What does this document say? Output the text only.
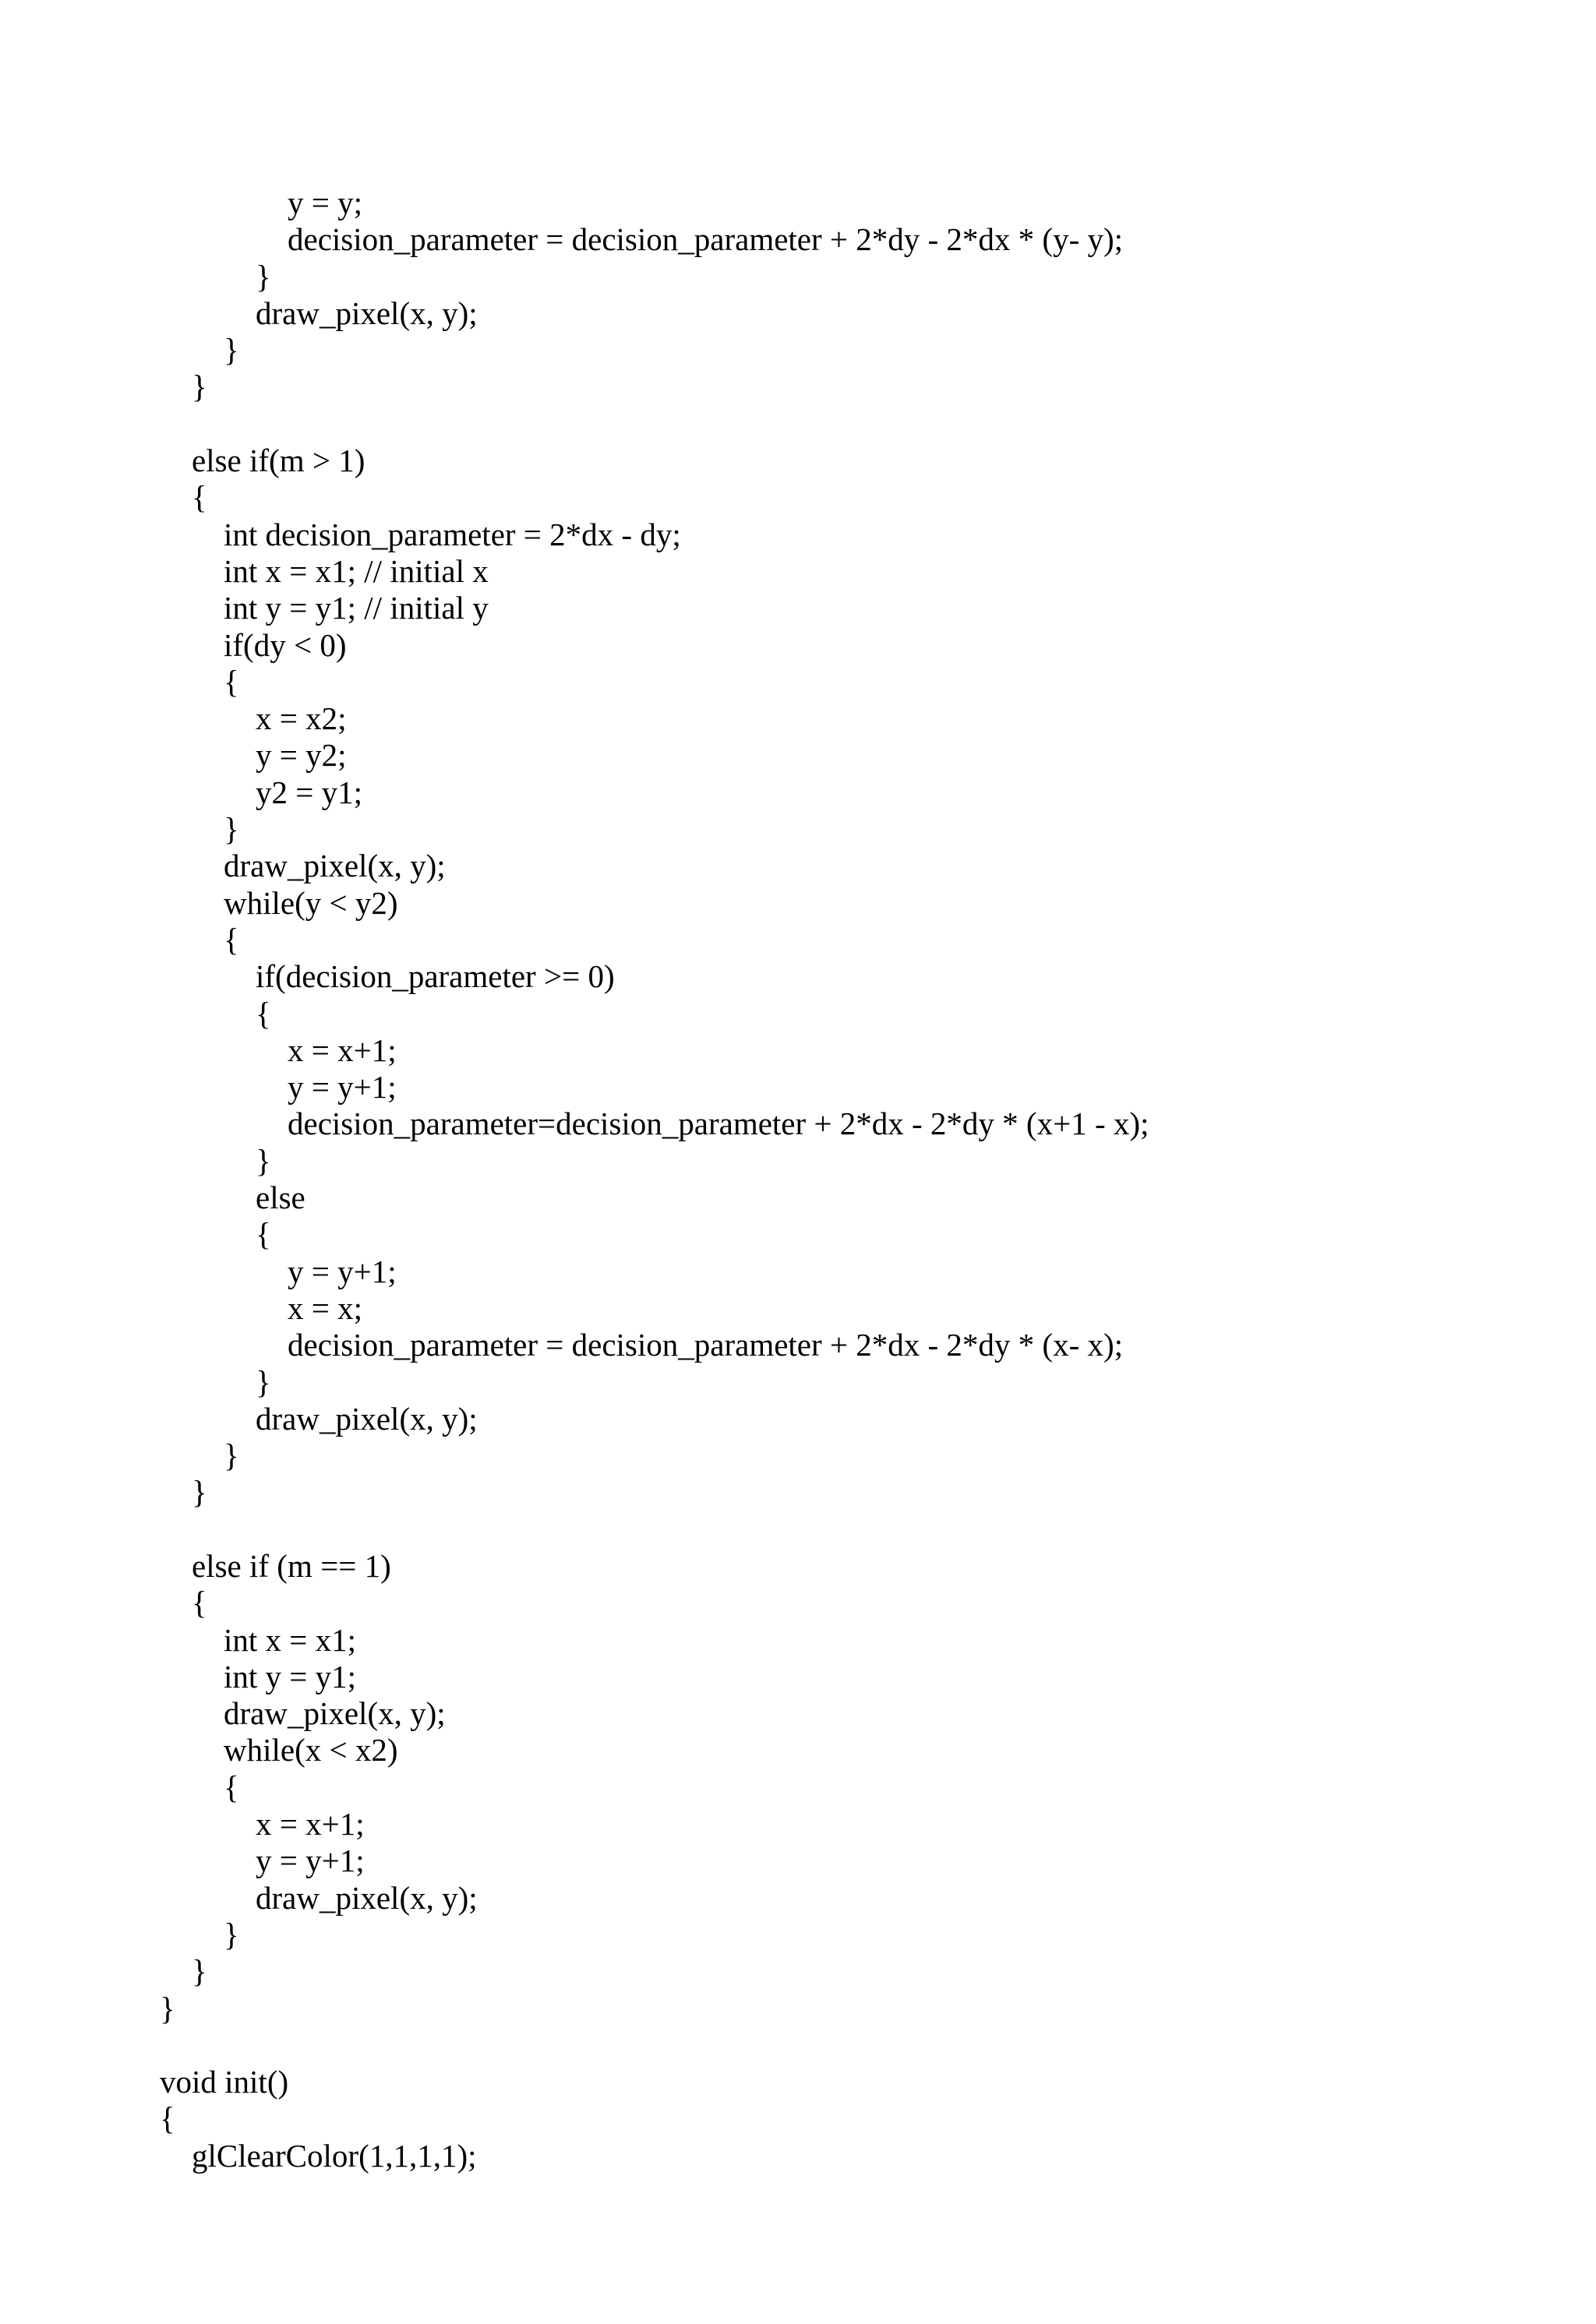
y = y;
decision_parameter = decision_parameter + 2*dy - 2*dx * (y- y);
}
draw_pixel(x, y);
}
}
else if(m > 1)
{
int decision_parameter = 2*dx - dy;
int x = x1; // initial x
int y = y1; // initial y
if(dy < 0)
{
x = x2;
y = y2;
y2 = y1;
}
draw_pixel(x, y);
while(y < y2)
{
if(decision_parameter >= 0)
{
x = x+1;
y = y+1;
decision_parameter=decision_parameter + 2*dx - 2*dy * (x+1 - x);
}
else
{
y = y+1;
x = x;
decision_parameter = decision_parameter + 2*dx - 2*dy * (x- x);
}
draw_pixel(x, y);
}
}
else if (m == 1)
{
int x = x1;
int y = y1;
draw_pixel(x, y);
while(x < x2)
{
x = x+1;
y = y+1;
draw_pixel(x, y);
}
}
}
void init()
{
glClearColor(1,1,1,1);
